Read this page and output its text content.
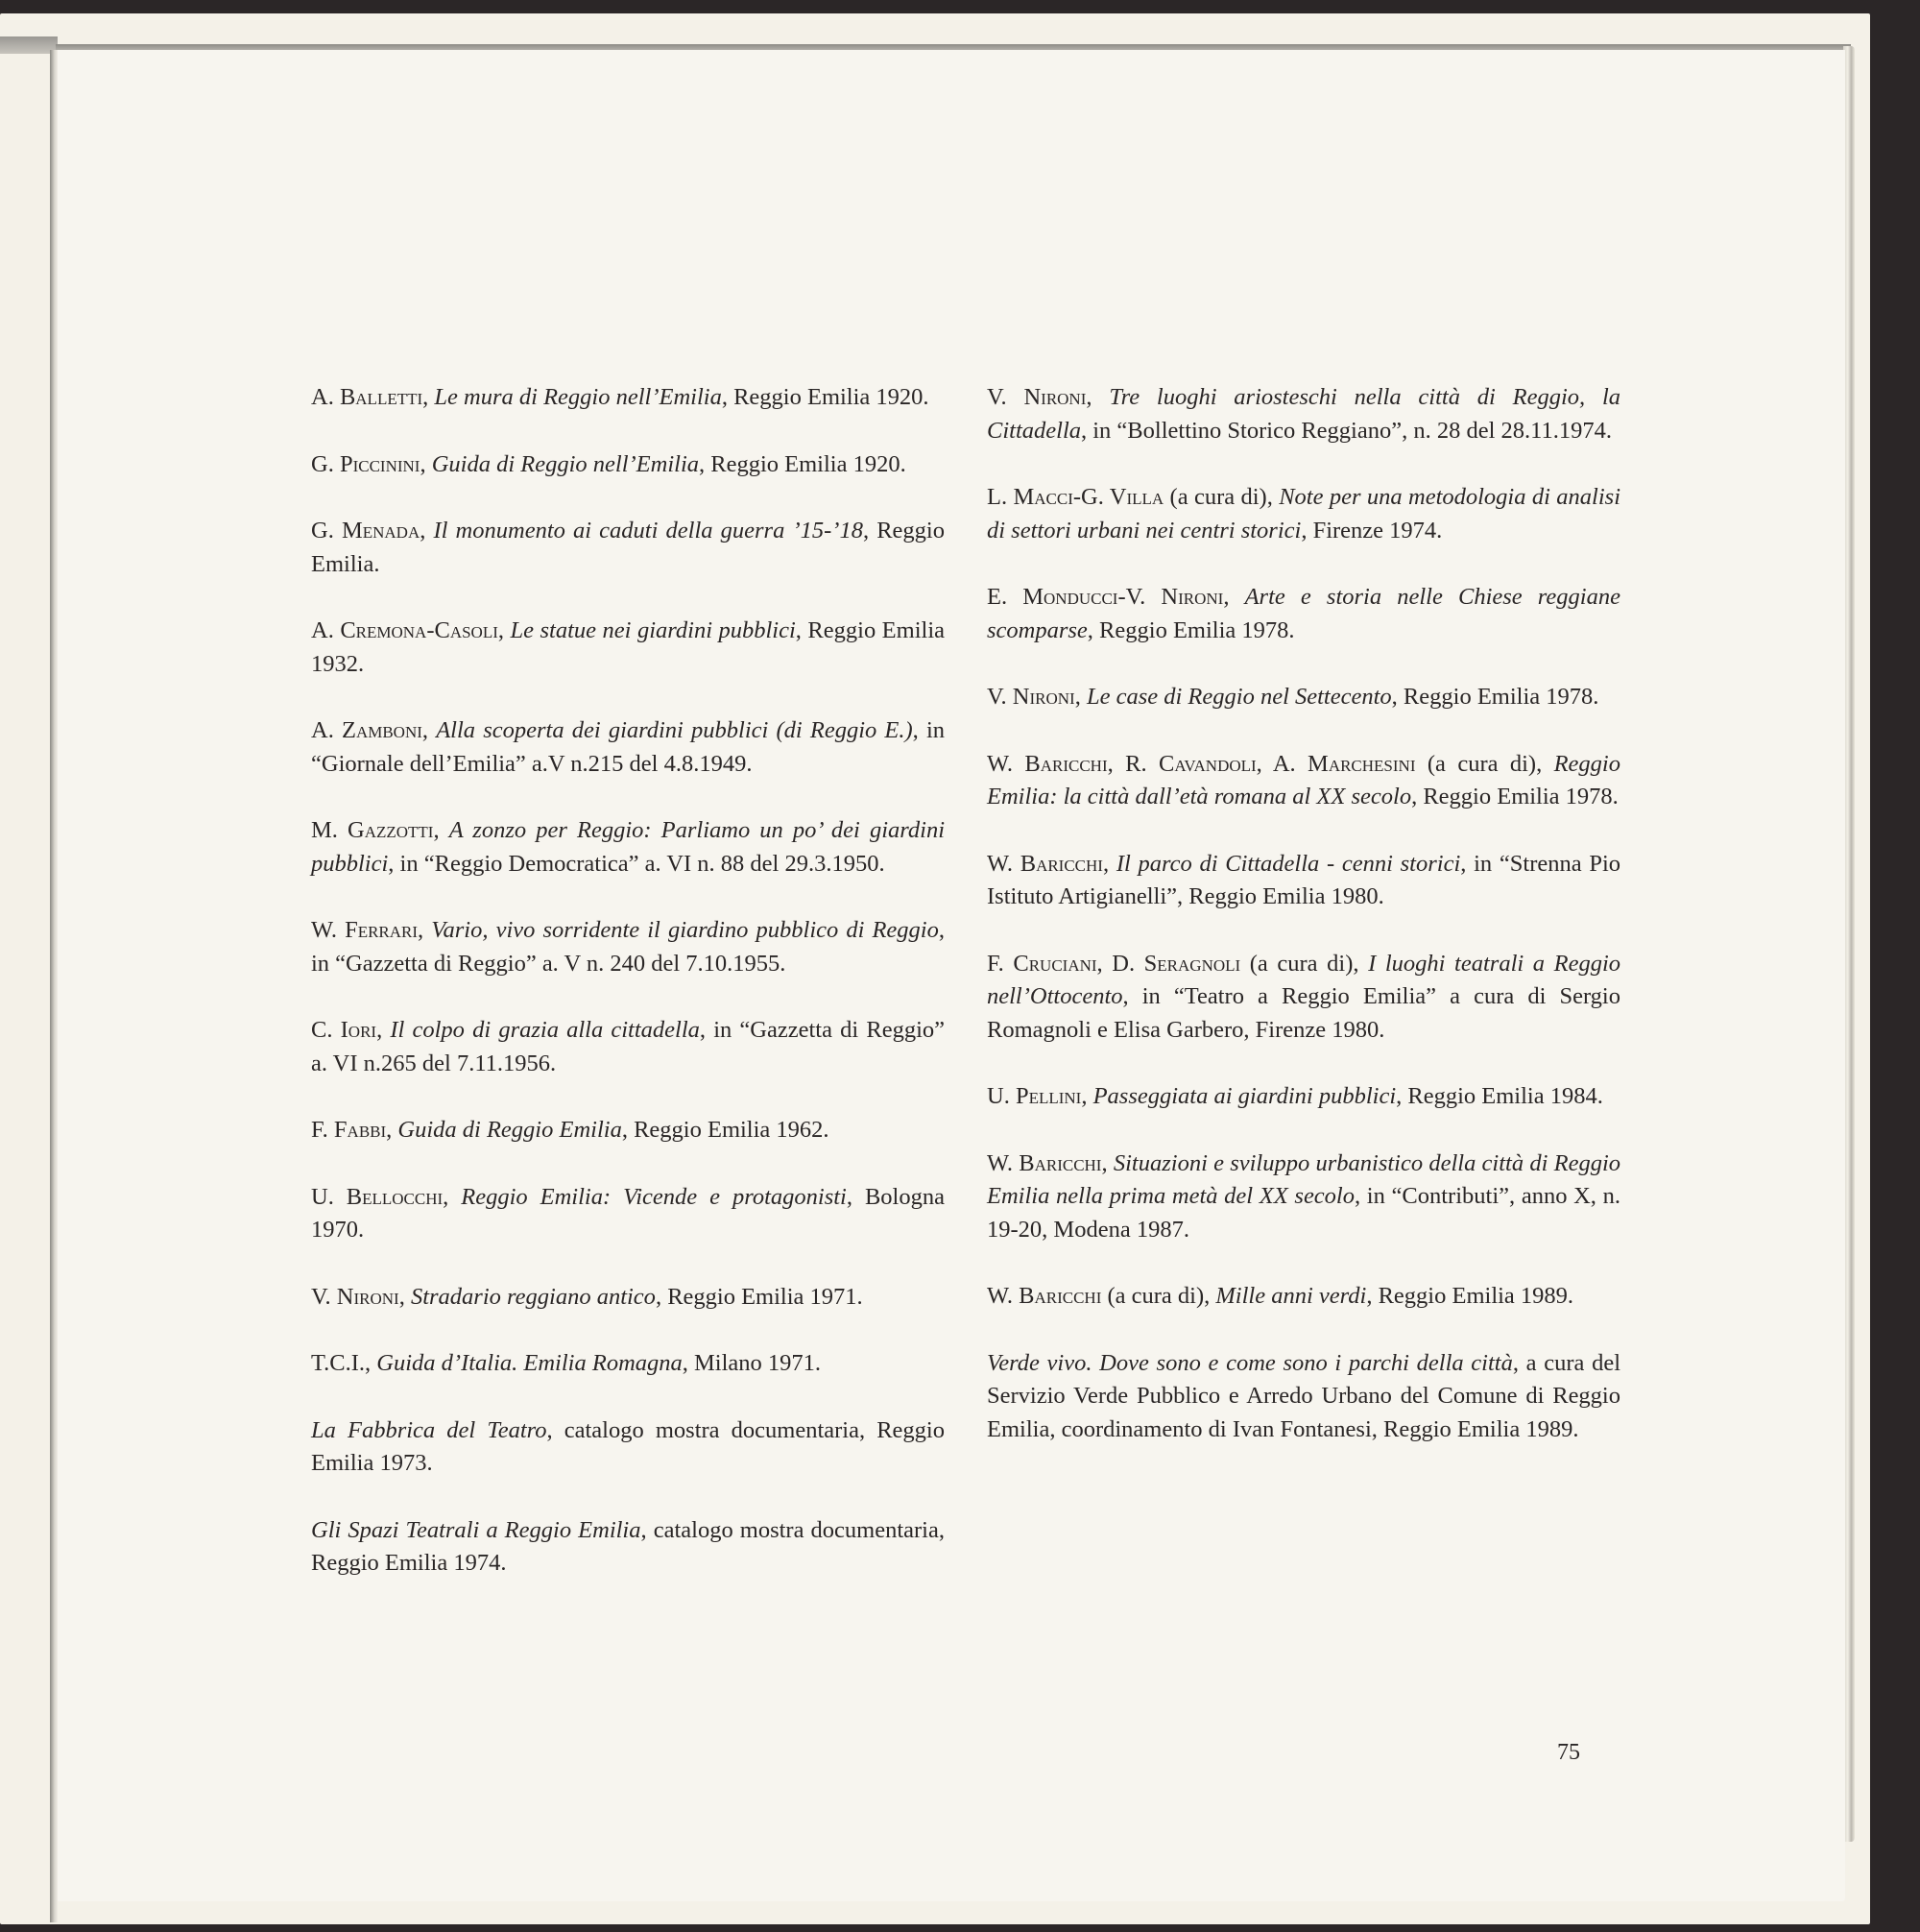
A. Balletti, Le mura di Reggio nell’Emilia, Reggio Emilia 1920.

G. Piccinini, Guida di Reggio nell’Emilia, Reggio Emilia 1920.

G. Menada, Il monumento ai caduti della guerra ’15-’18, Reggio Emilia.

A. Cremona-Casoli, Le statue nei giardini pubblici, Reggio Emilia 1932.

A. Zamboni, Alla scoperta dei giardini pubblici (di Reggio E.), in “Giornale dell’Emilia” a.V n.215 del 4.8.1949.

M. Gazzotti, A zonzo per Reggio: Parliamo un po’ dei giardini pubblici, in “Reggio Democratica” a. VI n. 88 del 29.3.1950.

W. Ferrari, Vario, vivo sorridente il giardino pubblico di Reggio, in “Gazzetta di Reggio” a. V n. 240 del 7.10.1955.

C. Iori, Il colpo di grazia alla cittadella, in “Gazzetta di Reggio” a. VI n.265 del 7.11.1956.

F. Fabbi, Guida di Reggio Emilia, Reggio Emilia 1962.

U. Bellocchi, Reggio Emilia: Vicende e protagonisti, Bologna 1970.

V. Nironi, Stradario reggiano antico, Reggio Emilia 1971.

T.C.I., Guida d’Italia. Emilia Romagna, Milano 1971.

La Fabbrica del Teatro, catalogo mostra documentaria, Reggio Emilia 1973.

Gli Spazi Teatrali a Reggio Emilia, catalogo mostra documentaria, Reggio Emilia 1974.

V. Nironi, Tre luoghi ariosteschi nella città di Reggio, la Cittadella, in “Bollettino Storico Reggiano”, n. 28 del 28.11.1974.

L. Macci-G. Villa (a cura di), Note per una metodologia di analisi di settori urbani nei centri storici, Firenze 1974.

E. Monducci-V. Nironi, Arte e storia nelle Chiese reggiane scomparse, Reggio Emilia 1978.

V. Nironi, Le case di Reggio nel Settecento, Reggio Emilia 1978.

W. Baricchi, R. Cavandoli, A. Marchesini (a cura di), Reggio Emilia: la città dall’età romana al XX secolo, Reggio Emilia 1978.

W. Baricchi, Il parco di Cittadella - cenni storici, in “Strenna Pio Istituto Artigianelli”, Reggio Emilia 1980.

F. Cruciani, D. Seragnoli (a cura di), I luoghi teatrali a Reggio nell’Ottocento, in “Teatro a Reggio Emilia” a cura di Sergio Romagnoli e Elisa Garbero, Firenze 1980.

U. Pellini, Passeggiata ai giardini pubblici, Reggio Emilia 1984.

W. Baricchi, Situazioni e sviluppo urbanistico della città di Reggio Emilia nella prima metà del XX secolo, in “Contributi”, anno X, n. 19-20, Modena 1987.

W. Baricchi (a cura di), Mille anni verdi, Reggio Emilia 1989.

Verde vivo. Dove sono e come sono i parchi della città, a cura del Servizio Verde Pubblico e Arredo Urbano del Comune di Reggio Emilia, coordinamento di Ivan Fontanesi, Reggio Emilia 1989.

75
